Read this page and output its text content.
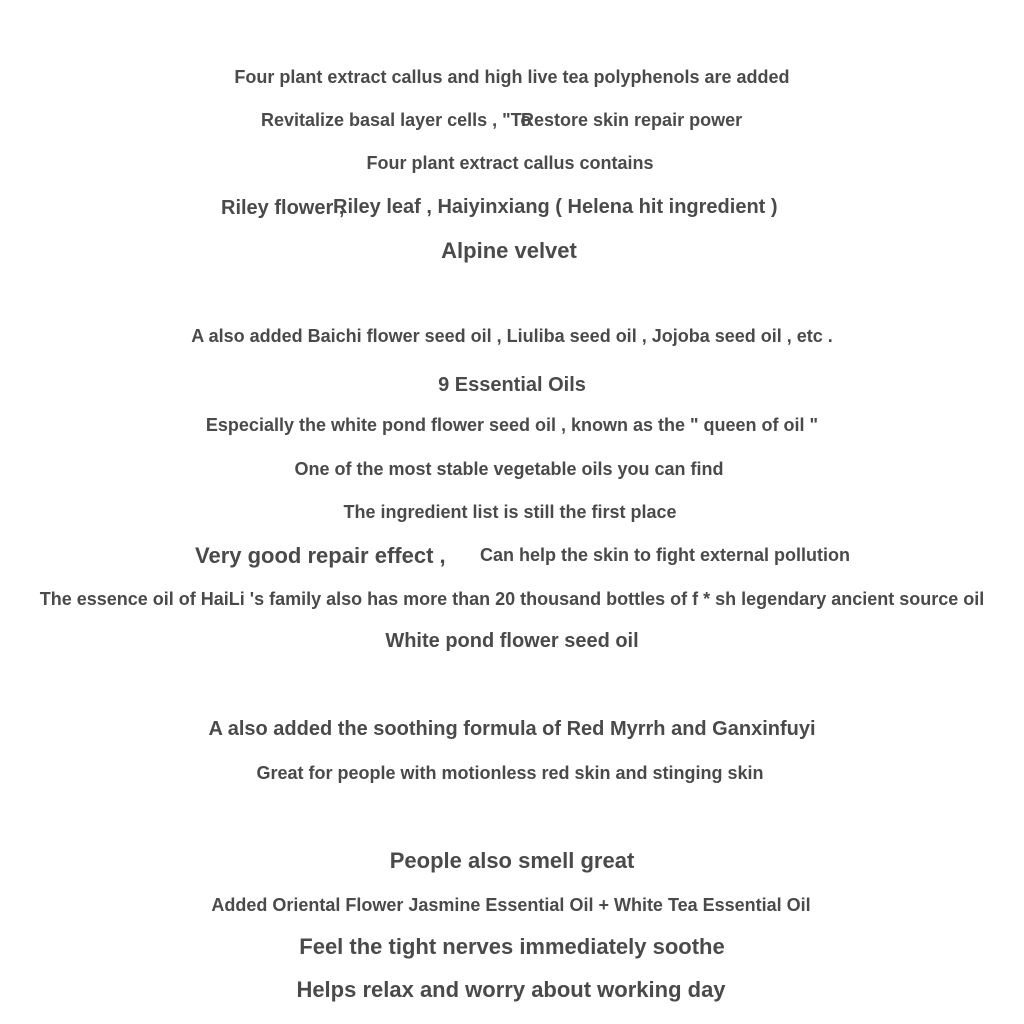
Four plant extract callus and high live tea polyphenols are added
Revitalize basal layer cells , "To
Restore skin repair power
Four plant extract callus contains
Riley flower ,
Riley leaf , Haiyinxiang ( Helena hit ingredient )
Alpine velvet
A also added Baichi flower seed oil , Liuliba seed oil , Jojoba seed oil , etc .
9 Essential Oils
Especially the white pond flower seed oil , known as the " queen of oil "
One of the most stable vegetable oils you can find
The ingredient list is still the first place
Very good repair effect , Can help the skin to fight external pollution
The essence oil of HaiLi 's family also has more than 20 thousand bottles of f * sh legendary ancient source oil
White pond flower seed oil
A also added the soothing formula of Red Myrrh and Ganxinfuyi
Great for people with motionless red skin and stinging skin
People also smell great
Added Oriental Flower Jasmine Essential Oil + White Tea Essential Oil
Feel the tight nerves immediately soothe
Helps relax and worry about working day
